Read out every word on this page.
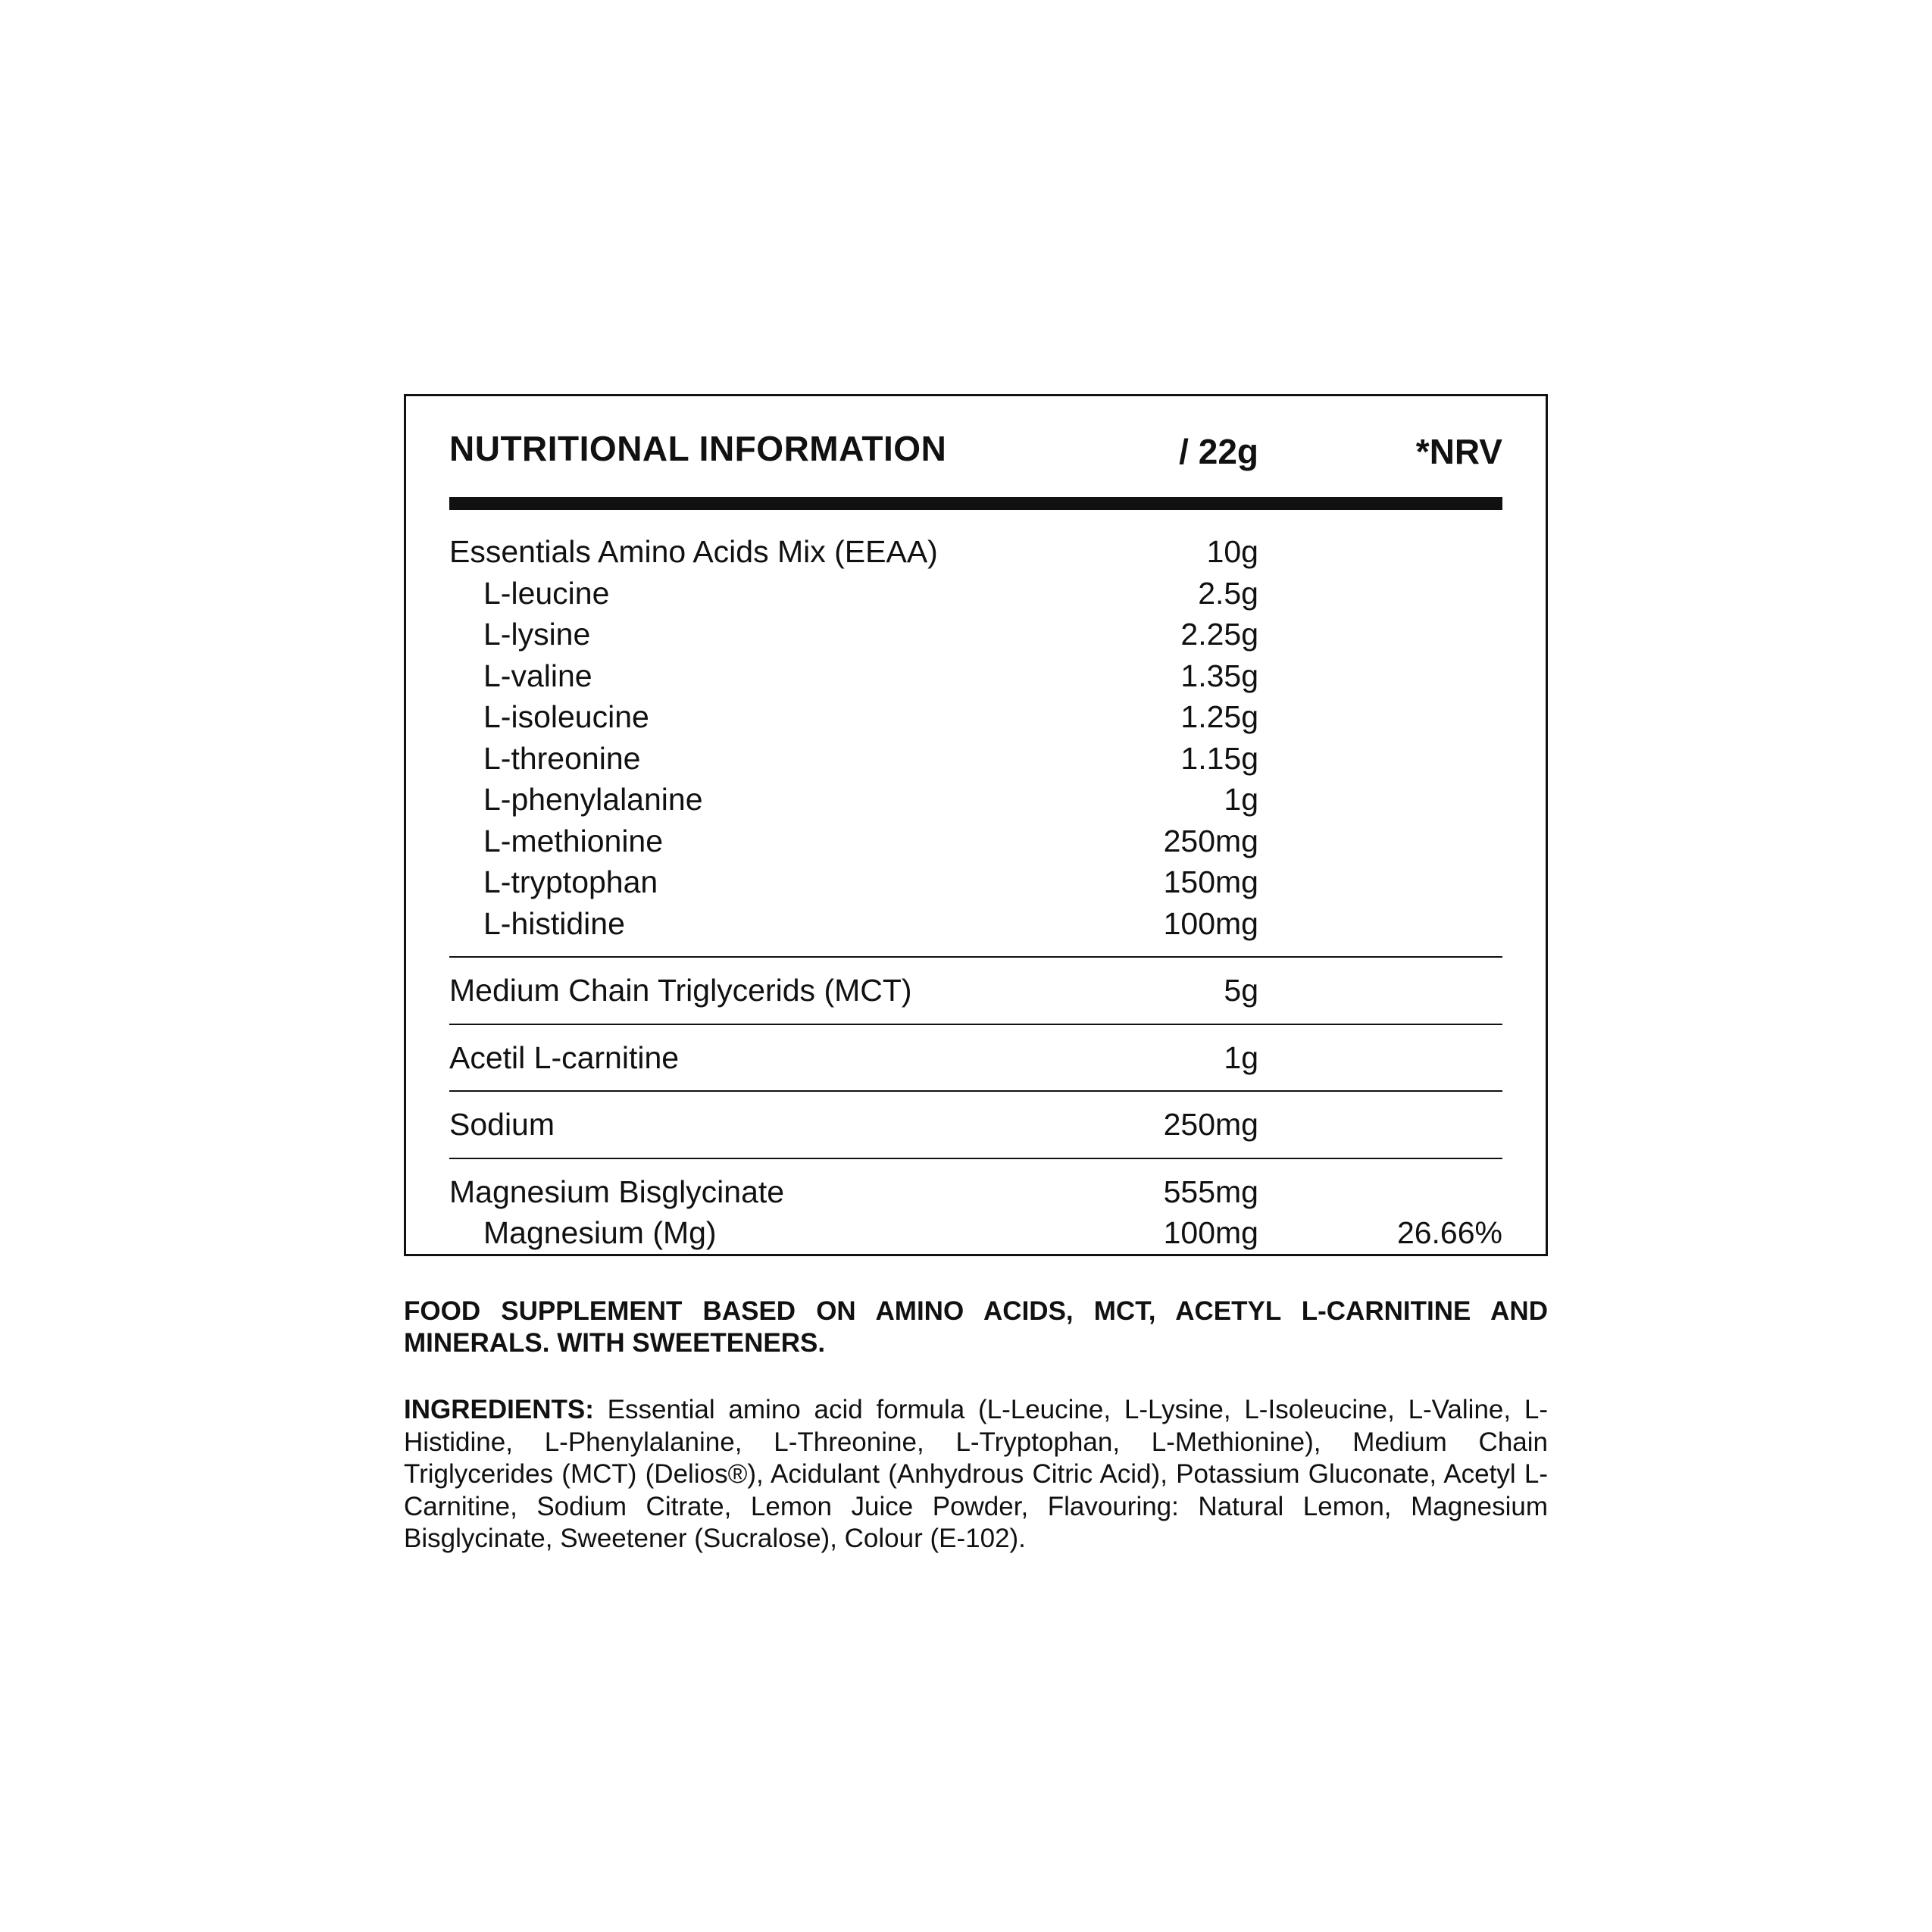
NUTRITIONAL INFORMATION	/ 22g	*NRV
Essentials Amino Acids Mix (EEAA)	10g
L-leucine	2.5g
L-lysine	2.25g
L-valine	1.35g
L-isoleucine	1.25g
L-threonine	1.15g
L-phenylalanine	1g
L-methionine	250mg
L-tryptophan	150mg
L-histidine	100mg
Medium Chain Triglycerids (MCT)	5g
Acetil L-carnitine	1g
Sodium	250mg
Magnesium Bisglycinate	555mg
Magnesium (Mg)	100mg	26.66%
FOOD SUPPLEMENT BASED ON AMINO ACIDS, MCT, ACETYL L-CARNITINE AND MINERALS. WITH SWEETENERS.
INGREDIENTS: Essential amino acid formula (L-Leucine, L-Lysine, L-Isoleucine, L-Valine, L-Histidine, L-Phenylalanine, L-Threonine, L-Tryptophan, L-Methionine), Medium Chain Triglycerides (MCT) (Delios®), Acidulant (Anhydrous Citric Acid), Potassium Gluconate, Acetyl L-Carnitine, Sodium Citrate, Lemon Juice Powder, Flavouring: Natural Lemon, Magnesium Bisglycinate, Sweetener (Sucralose), Colour (E-102).
